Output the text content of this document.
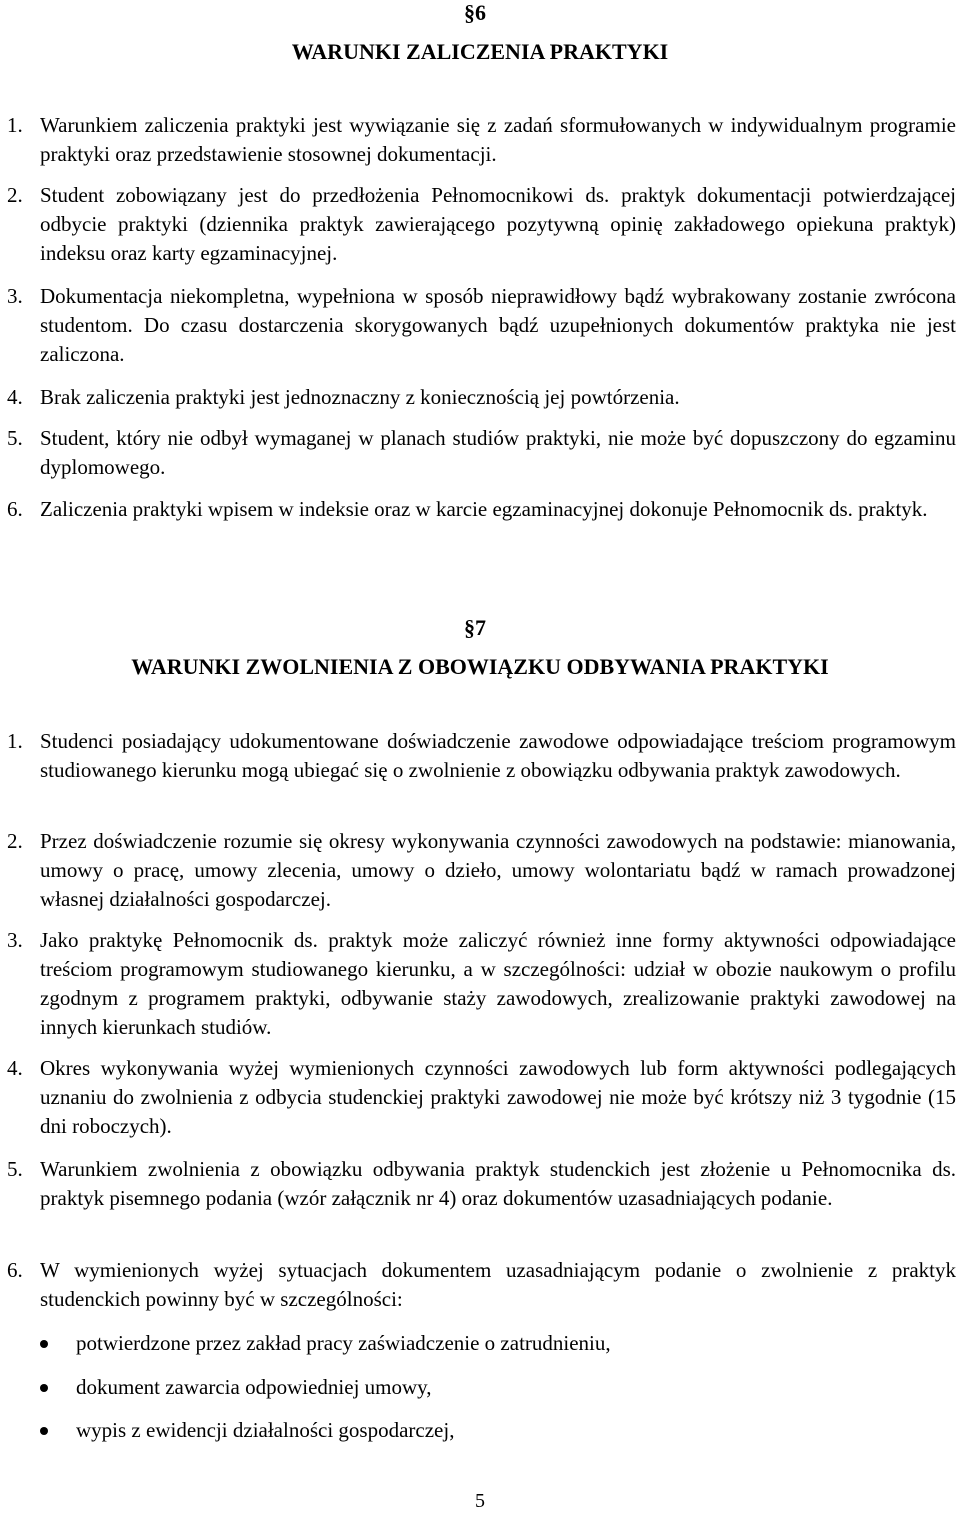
§6
WARUNKI ZALICZENIA PRAKTYKI
1. Warunkiem zaliczenia praktyki jest wywiązanie się z zadań sformułowanych w indywidualnym programie praktyki oraz przedstawienie stosownej dokumentacji.
2. Student zobowiązany jest do przedłożenia Pełnomocnikowi ds. praktyk dokumentacji potwierdzającej odbycie praktyki (dziennika praktyk zawierającego pozytywną opinię zakładowego opiekuna praktyk) indeksu oraz karty egzaminacyjnej.
3. Dokumentacja niekompletna, wypełniona w sposób nieprawidłowy bądź wybrakowany zostanie zwrócona studentom. Do czasu dostarczenia skorygowanych bądź uzupełnionych dokumentów praktyka nie jest zaliczona.
4. Brak zaliczenia praktyki jest jednoznaczny z koniecznością jej powtórzenia.
5. Student, który nie odbył wymaganej w planach studiów praktyki, nie może być dopuszczony do egzaminu dyplomowego.
6. Zaliczenia praktyki wpisem w indeksie oraz w karcie egzaminacyjnej dokonuje Pełnomocnik ds. praktyk.
§7
WARUNKI ZWOLNIENIA Z OBOWIĄZKU ODBYWANIA PRAKTYKI
1. Studenci posiadający udokumentowane doświadczenie zawodowe odpowiadające treściom programowym studiowanego kierunku mogą ubiegać się o zwolnienie z obowiązku odbywania praktyk zawodowych.
2. Przez doświadczenie rozumie się okresy wykonywania czynności zawodowych na podstawie: mianowania, umowy o pracę, umowy zlecenia, umowy o dzieło, umowy wolontariatu bądź w ramach prowadzonej własnej działalności gospodarczej.
3. Jako praktykę Pełnomocnik ds. praktyk może zaliczyć również inne formy aktywności odpowiadające treściom programowym studiowanego kierunku, a w szczególności: udział w obozie naukowym o profilu zgodnym z programem praktyki, odbywanie staży zawodowych, zrealizowanie praktyki zawodowej na innych kierunkach studiów.
4. Okres wykonywania wyżej wymienionych czynności zawodowych lub form aktywności podlegających uznaniu do zwolnienia z odbycia studenckiej praktyki zawodowej nie może być krótszy niż 3 tygodnie (15 dni roboczych).
5. Warunkiem zwolnienia z obowiązku odbywania praktyk studenckich jest złożenie u Pełnomocnika ds. praktyk pisemnego podania (wzór załącznik nr 4) oraz dokumentów uzasadniających podanie.
6. W wymienionych wyżej sytuacjach dokumentem uzasadniającym podanie o zwolnienie z praktyk studenckich powinny być w szczególności:
potwierdzone przez zakład pracy zaświadczenie o zatrudnieniu,
dokument zawarcia odpowiedniej umowy,
wypis z ewidencji działalności gospodarczej,
5
